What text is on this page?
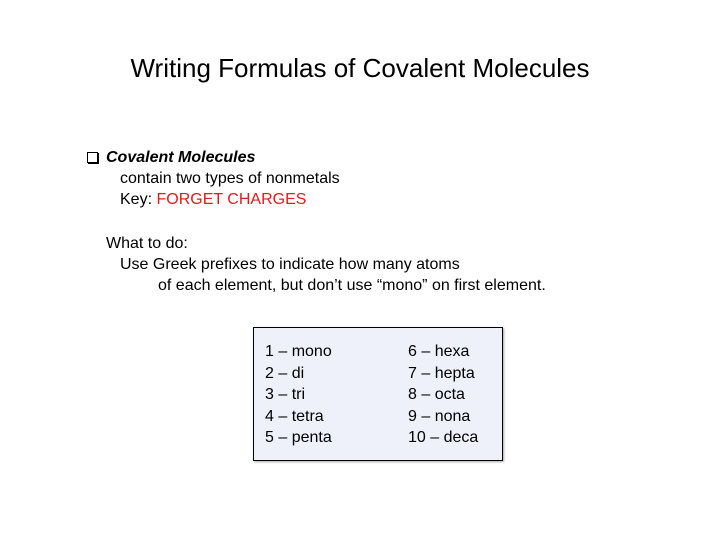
Writing Formulas of Covalent Molecules
Covalent Molecules
contain two types of nonmetals
Key: FORGET CHARGES
What to do:
Use Greek prefixes to indicate how many atoms
of each element, but don’t use “mono” on first element.
1 – mono
2 – di
3 – tri
4 – tetra
5 – penta
6 – hexa
7 – hepta
8 – octa
9 – nona
10 – deca
